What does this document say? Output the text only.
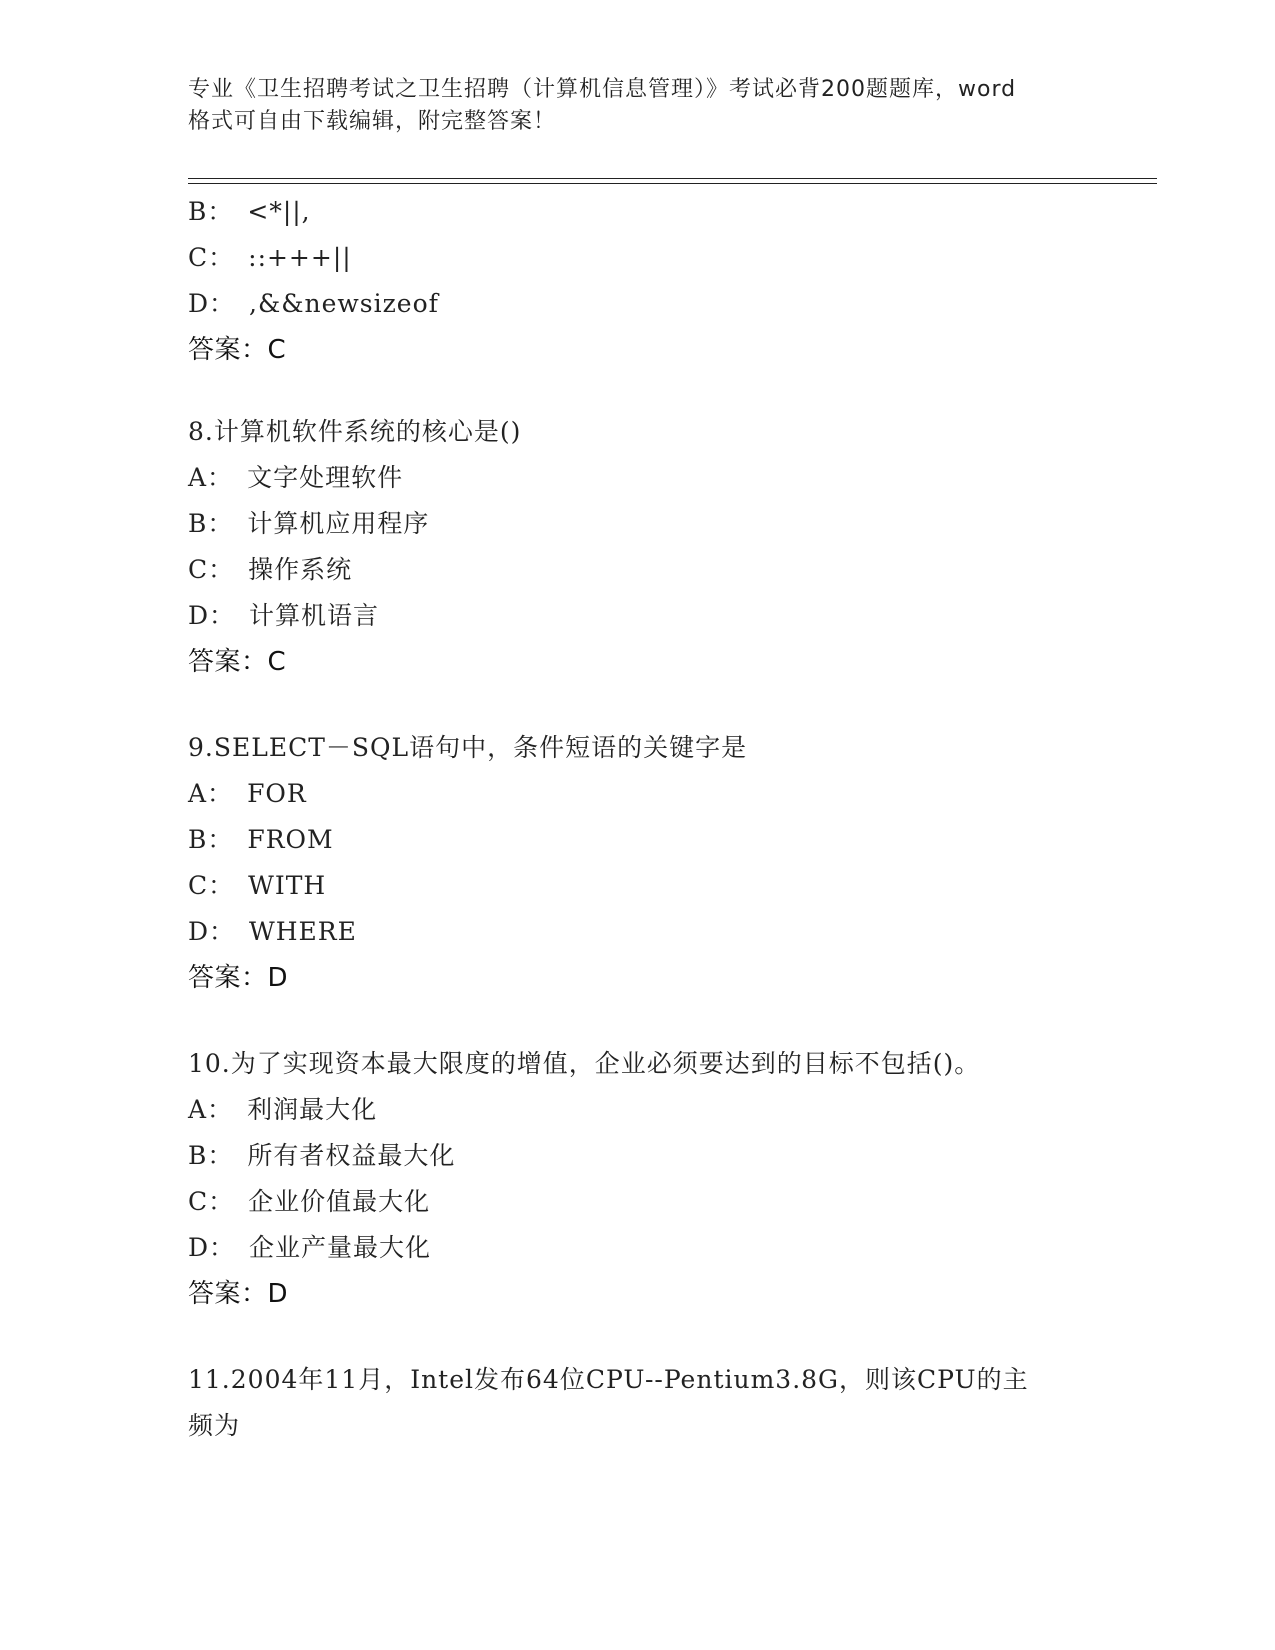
专业《卫生招聘考试之卫生招聘（计算机信息管理）》考试必背200题题库，word
格式可自由下载编辑，附完整答案！
B： <*||,
C： ::+++||
D： ,&&newsizeof
答案：C
8.计算机软件系统的核心是()
A： 文字处理软件
B： 计算机应用程序
C： 操作系统
D： 计算机语言
答案：C
9.SELECT－SQL语句中，条件短语的关键字是
A： FOR
B： FROM
C： WITH
D： WHERE
答案：D
10.为了实现资本最大限度的增值，企业必须要达到的目标不包括()。
A： 利润最大化
B： 所有者权益最大化
C： 企业价值最大化
D： 企业产量最大化
答案：D
11.2004年11月，Intel发布64位CPU--Pentium3.8G，则该CPU的主
频为
